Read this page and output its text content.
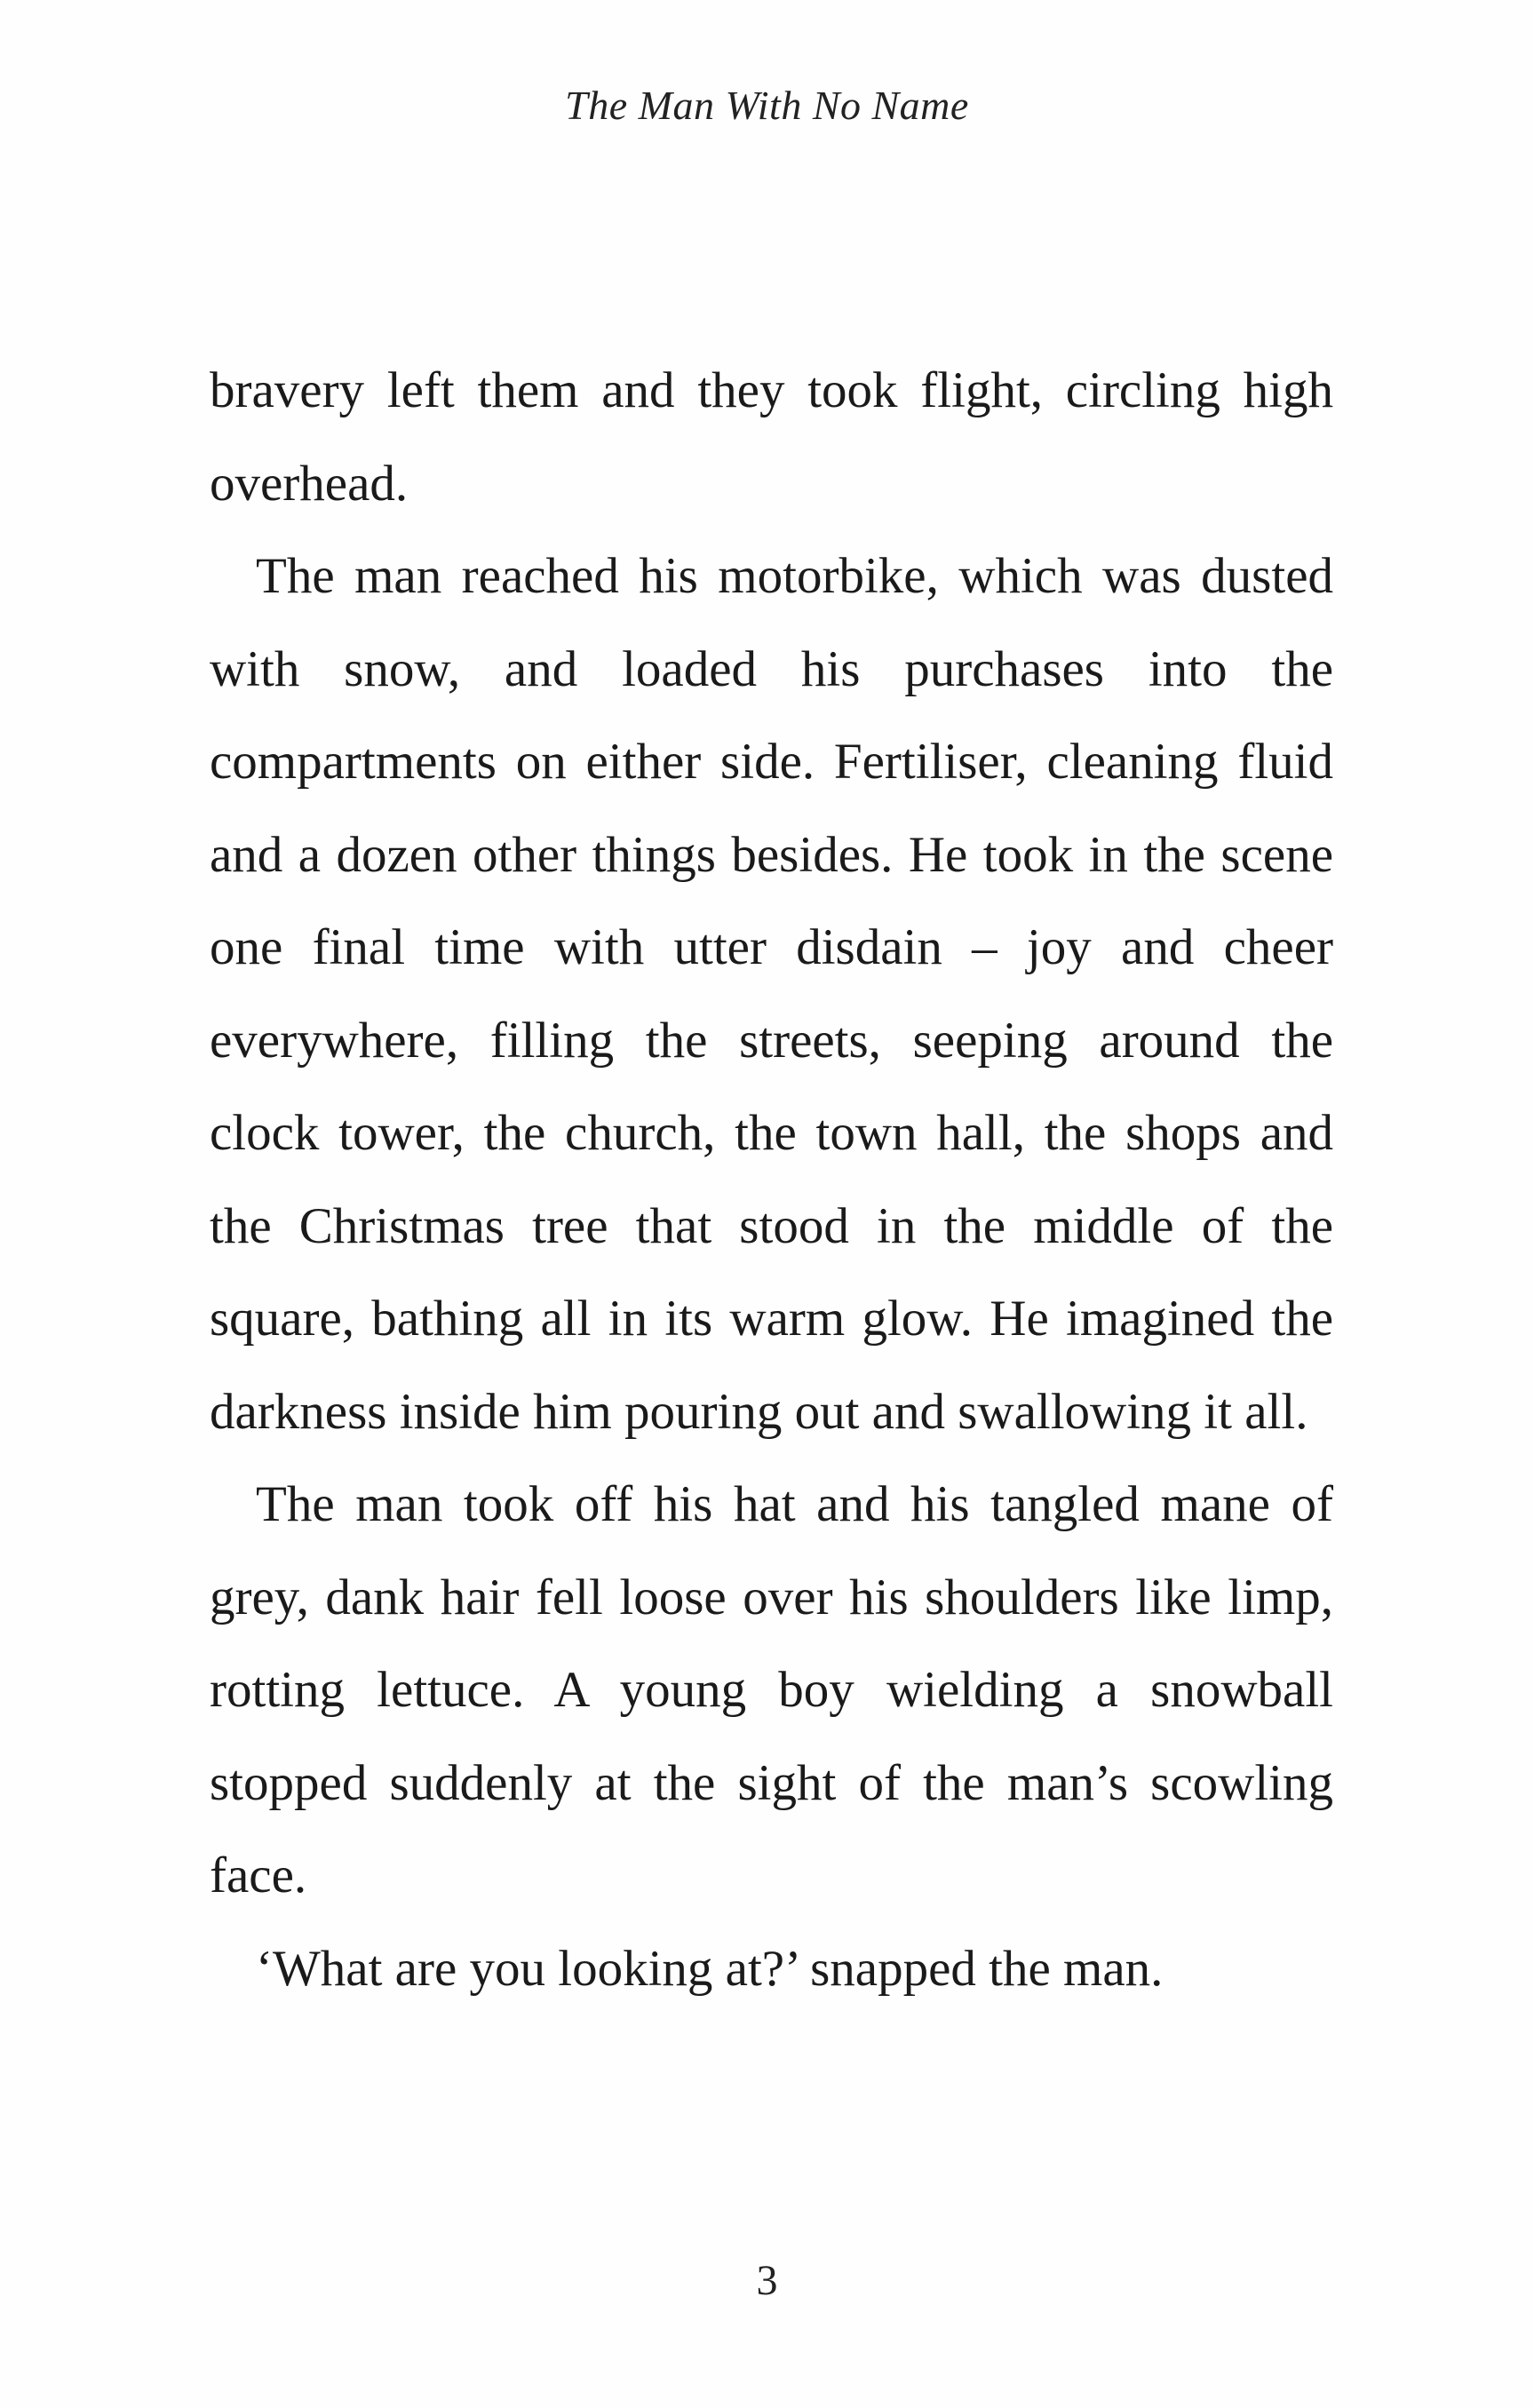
The Man With No Name

bravery left them and they took flight, circling high overhead.

The man reached his motorbike, which was dusted with snow, and loaded his purchases into the compartments on either side. Fertiliser, cleaning fluid and a dozen other things besides. He took in the scene one final time with utter disdain – joy and cheer everywhere, filling the streets, seeping around the clock tower, the church, the town hall, the shops and the Christmas tree that stood in the middle of the square, bathing all in its warm glow. He imagined the darkness inside him pouring out and swallowing it all.

The man took off his hat and his tangled mane of grey, dank hair fell loose over his shoulders like limp, rotting lettuce. A young boy wielding a snowball stopped suddenly at the sight of the man’s scowling face.

‘What are you looking at?’ snapped the man.

3
